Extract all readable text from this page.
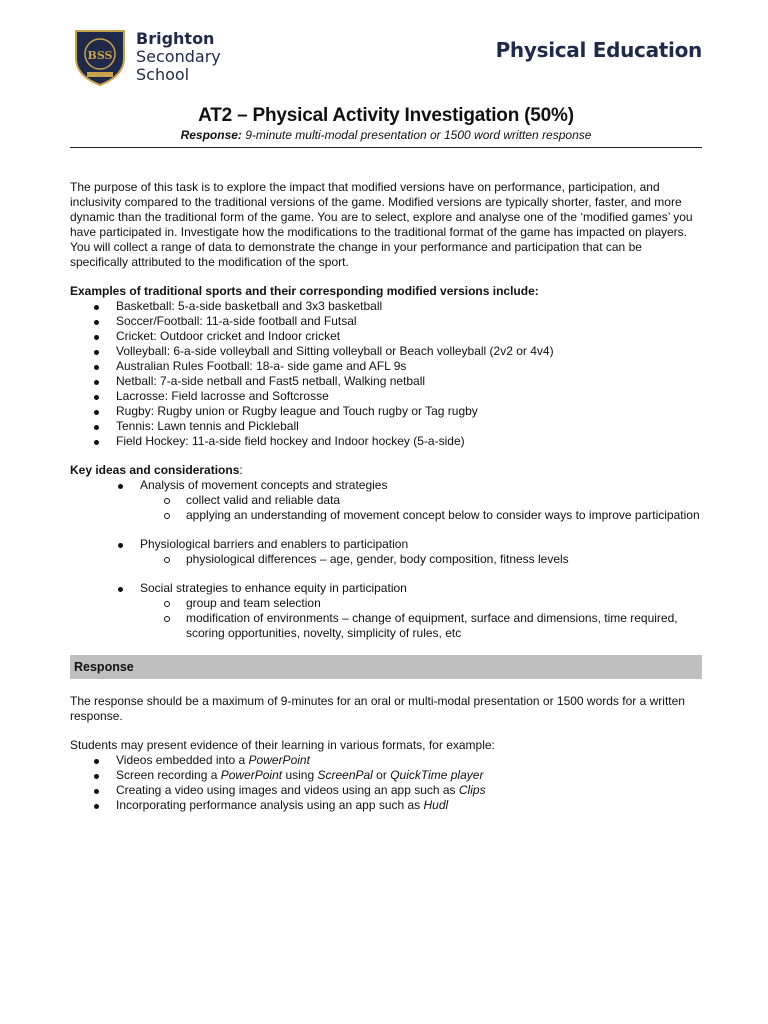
BSS
Brighton
Secondary
School
Physical Education
AT2 – Physical Activity Investigation (50%)
Response: 9-minute multi-modal presentation or 1500 word written response

The purpose of this task is to explore the impact that modified versions have on performance, participation, and inclusivity compared to the traditional versions of the game. Modified versions are typically shorter, faster, and more dynamic than the traditional form of the game. You are to select, explore and analyse one of the ‘modified games’ you have participated in. Investigate how the modifications to the traditional format of the game has impacted on players. You will collect a range of data to demonstrate the change in your performance and participation that can be specifically attributed to the modification of the sport.

Examples of traditional sports and their corresponding modified versions include:

Basketball: 5-a-side basketball and 3x3 basketball
Soccer/Football: 11-a-side football and Futsal
Cricket: Outdoor cricket and Indoor cricket
Volleyball: 6-a-side volleyball and Sitting volleyball or Beach volleyball (2v2 or 4v4)
Australian Rules Football: 18-a- side game and AFL 9s
Netball: 7-a-side netball and Fast5 netball, Walking netball
Lacrosse: Field lacrosse and Softcrosse
Rugby: Rugby union or Rugby league and Touch rugby or Tag rugby
Tennis: Lawn tennis and Pickleball
Field Hockey: 11-a-side field hockey and Indoor hockey (5-a-side)

Key ideas and considerations:

Analysis of movement concepts and strategies
collect valid and reliable data
applying an understanding of movement concept below to consider ways to improve participation
Physiological barriers and enablers to participation
physiological differences – age, gender, body composition, fitness levels
Social strategies to enhance equity in participation
group and team selection
modification of environments – change of equipment, surface and dimensions, time required, scoring opportunities, novelty, simplicity of rules, etc
Response

The response should be a maximum of 9-minutes for an oral or multi-modal presentation or 1500 words for a written response.

Students may present evidence of their learning in various formats, for example:

Videos embedded into a PowerPoint
Screen recording a PowerPoint using ScreenPal or QuickTime player
Creating a video using images and videos using an app such as Clips
Incorporating performance analysis using an app such as Hudl
